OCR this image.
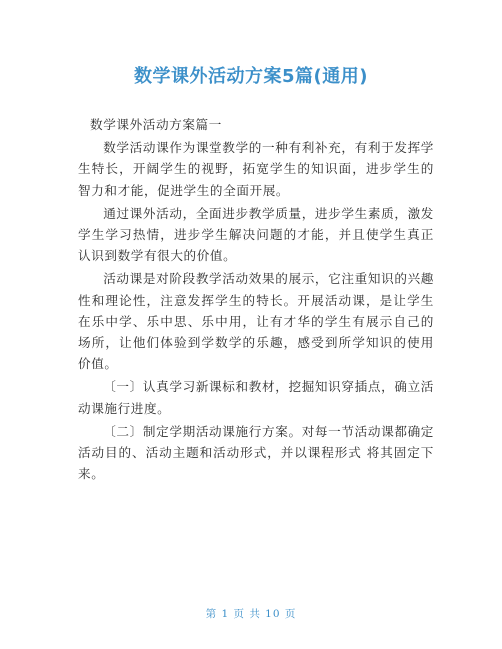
数学课外活动方案5篇(通用)

数学课外活动方案篇一

数学活动课作为课堂教学的一种有利补充，有利于发挥学生特长，开阔学生的视野，拓宽学生的知识面，进步学生的智力和才能，促进学生的全面开展。

通过课外活动，全面进步教学质量，进步学生素质，激发学生学习热情，进步学生解决问题的才能，并且使学生真正认识到数学有很大的价值。

活动课是对阶段教学活动效果的展示，它注重知识的兴趣性和理论性，注意发挥学生的特长。开展活动课，是让学生在乐中学、乐中思、乐中用，让有才华的学生有展示自己的场所，让他们体验到学数学的乐趣，感受到所学知识的使用价值。

〔一〕认真学习新课标和教材，挖掘知识穿插点，确立活动课施行进度。

〔二〕制定学期活动课施行方案。对每一节活动课都确定活动目的、活动主题和活动形式，并以课程形式 将其固定下来。

第 1 页 共 10 页
